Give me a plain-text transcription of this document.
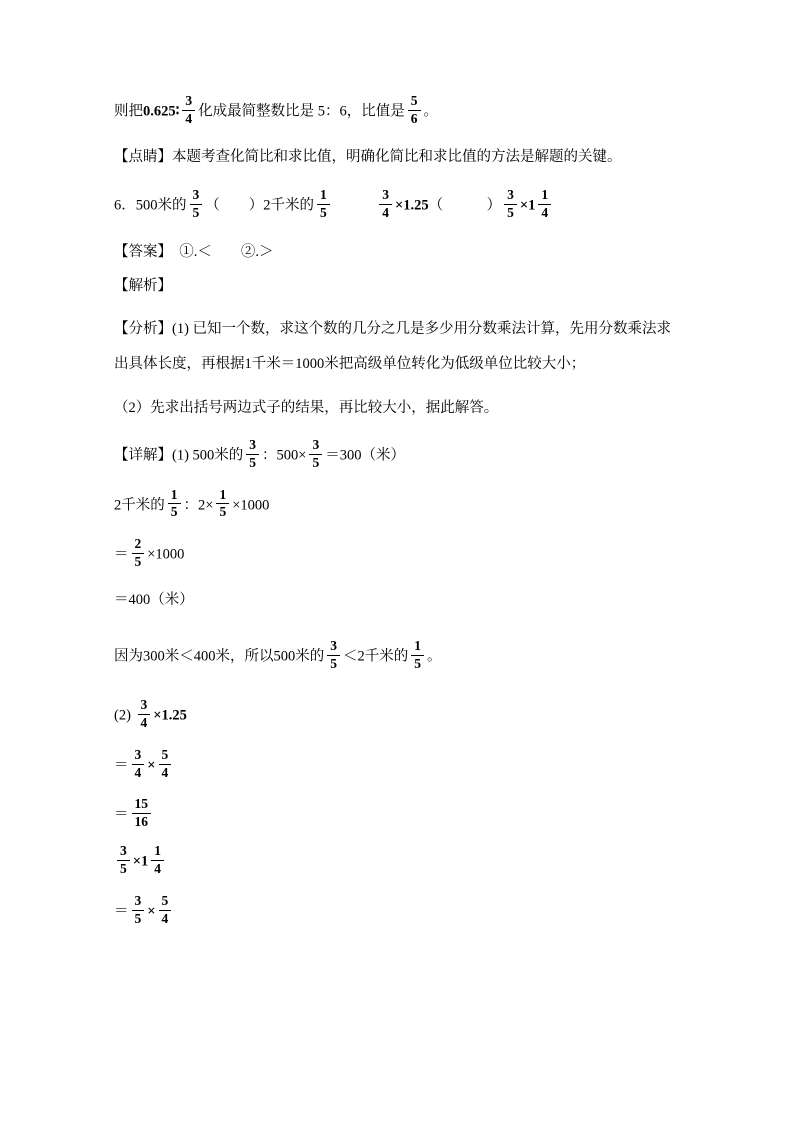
则把0.625∶ $\frac{3}{4}$ 化成最简整数比是 5：6，比值是 $\frac{5}{6}$ 。
【点睛】本题考查化简比和求比值，明确化简比和求比值的方法是解题的关键。
6．500米的 $\frac{3}{5}$ （　　）2千米的 $\frac{1}{5}$
　　　	$\frac{3}{4} \times 1.25$（　　　） $\frac{3}{5} \times 1 \frac{1}{4}$
【答案】　①.＜　　②.＞
【解析】
【分析】(1) 已知一个数，求这个数的几分之几是多少用分数乘法计算，先用分数乘法求出具体长度，再根据1千米＝1000米把高级单位转化为低级单位比较大小；
（2）先求出括号两边式子的结果，再比较大小，据此解答。
【详解】(1) 500米的 $\frac{3}{5}$ ：$500\times \frac{3}{5} =300$（米）
2千米的 $\frac{1}{5}$ ：$2\times \frac{1}{5} \times 1000$
＝ $\frac{2}{5} \times 1000$
＝400（米）
因为300米＜400米，所以500米的 $\frac{3}{5} <2$千米的 $\frac{1}{5}$ 。
$(2) \frac{3}{4} \times 1.25$
＝ $\frac{3}{4} \times \frac{5}{4}$
＝ $\frac{15}{16}$
$\frac{3}{5} \times 1 \frac{1}{4}$
＝ $\frac{3}{5} \times \frac{5}{4}$
